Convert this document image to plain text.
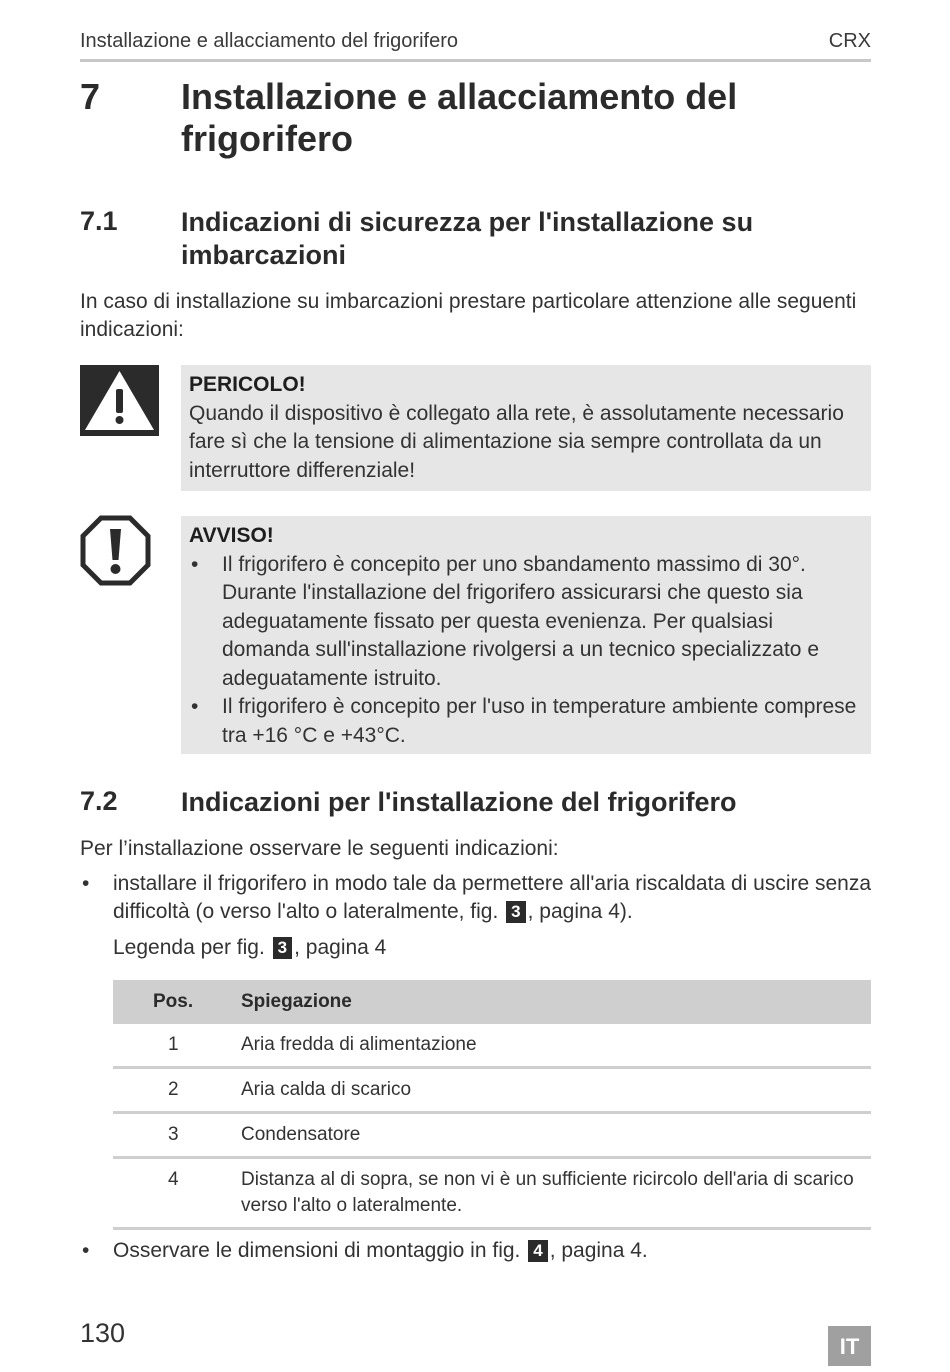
Installazione e allacciamento del frigorifero	CRX
7 Installazione e allacciamento del frigorifero
7.1 Indicazioni di sicurezza per l'installazione su imbarcazioni
In caso di installazione su imbarcazioni prestare particolare attenzione alle seguenti indicazioni:
PERICOLO!
Quando il dispositivo è collegato alla rete, è assolutamente necessario fare sì che la tensione di alimentazione sia sempre controllata da un interruttore differenziale!
AVVISO!
• Il frigorifero è concepito per uno sbandamento massimo di 30°. Durante l'installazione del frigorifero assicurarsi che questo sia adeguatamente fissato per questa evenienza. Per qualsiasi domanda sull'installazione rivolgersi a un tecnico specializzato e adeguatamente istruito.
• Il frigorifero è concepito per l'uso in temperature ambiente comprese tra +16 °C e +43°C.
7.2 Indicazioni per l'installazione del frigorifero
Per l’installazione osservare le seguenti indicazioni:
• installare il frigorifero in modo tale da permettere all'aria riscaldata di uscire senza difficoltà (o verso l'alto o lateralmente, fig. 3 , pagina 4).
Legenda per fig. 3 , pagina 4
Pos.	Spiegazione
1	Aria fredda di alimentazione
2	Aria calda di scarico
3	Condensatore
4	Distanza al di sopra, se non vi è un sufficiente ricircolo dell'aria di scarico verso l'alto o lateralmente.
• Osservare le dimensioni di montaggio in fig. 4 , pagina 4.
130	IT
